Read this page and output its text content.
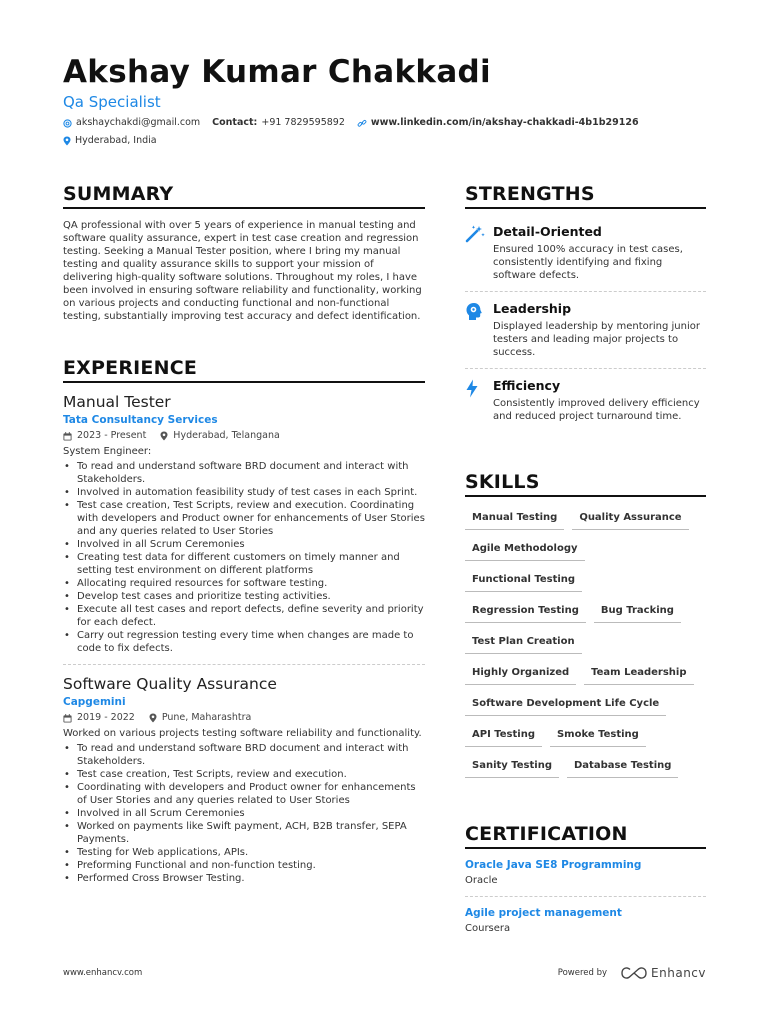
Akshay Kumar Chakkadi
Qa Specialist
akshaychakdi@gmail.com Contact: +91 7829595892	www.linkedin.com/in/akshay-chakkadi-4b1b29126
Hyderabad, India
SUMMARY
QA professional with over 5 years of experience in manual testing and software quality assurance, expert in test case creation and regression testing. Seeking a Manual Tester position, where I bring my manual testing and quality assurance skills to support your mission of delivering high-quality software solutions. Throughout my roles, I have been involved in ensuring software reliability and functionality, working on various projects and conducting functional and non-functional testing, substantially improving test accuracy and defect identification.
EXPERIENCE
Manual Tester
Tata Consultancy Services
2023 - Present	Hyderabad, Telangana
System Engineer:
• To read and understand software BRD document and interact with Stakeholders.
• Involved in automation feasibility study of test cases in each Sprint.
• Test case creation, Test Scripts, review and execution. Coordinating with developers and Product owner for enhancements of User Stories and any queries related to User Stories
• Involved in all Scrum Ceremonies
• Creating test data for different customers on timely manner and setting test environment on different platforms
• Allocating required resources for software testing.
• Develop test cases and prioritize testing activities.
• Execute all test cases and report defects, define severity and priority for each defect.
• Carry out regression testing every time when changes are made to code to fix defects.
Software Quality Assurance
Capgemini
2019 - 2022	Pune, Maharashtra
Worked on various projects testing software reliability and functionality.
• To read and understand software BRD document and interact with Stakeholders.
• Test case creation, Test Scripts, review and execution.
• Coordinating with developers and Product owner for enhancements of User Stories and any queries related to User Stories
• Involved in all Scrum Ceremonies
• Worked on payments like Swift payment, ACH, B2B transfer, SEPA Payments.
• Testing for Web applications, APIs.
• Preforming Functional and non-function testing.
• Performed Cross Browser Testing.
STRENGTHS
Detail-Oriented
Ensured 100% accuracy in test cases, consistently identifying and fixing software defects.
Leadership
Displayed leadership by mentoring junior testers and leading major projects to success.
Efficiency
Consistently improved delivery efficiency and reduced project turnaround time.
SKILLS
Manual Testing	Quality Assurance
Agile Methodology
Functional Testing
Regression Testing	Bug Tracking
Test Plan Creation
Highly Organized	Team Leadership
Software Development Life Cycle
API Testing	Smoke Testing
Sanity Testing	Database Testing
CERTIFICATION
Oracle Java SE8 Programming
Oracle
Agile project management
Coursera
www.enhancv.com	Powered by	Enhancv
